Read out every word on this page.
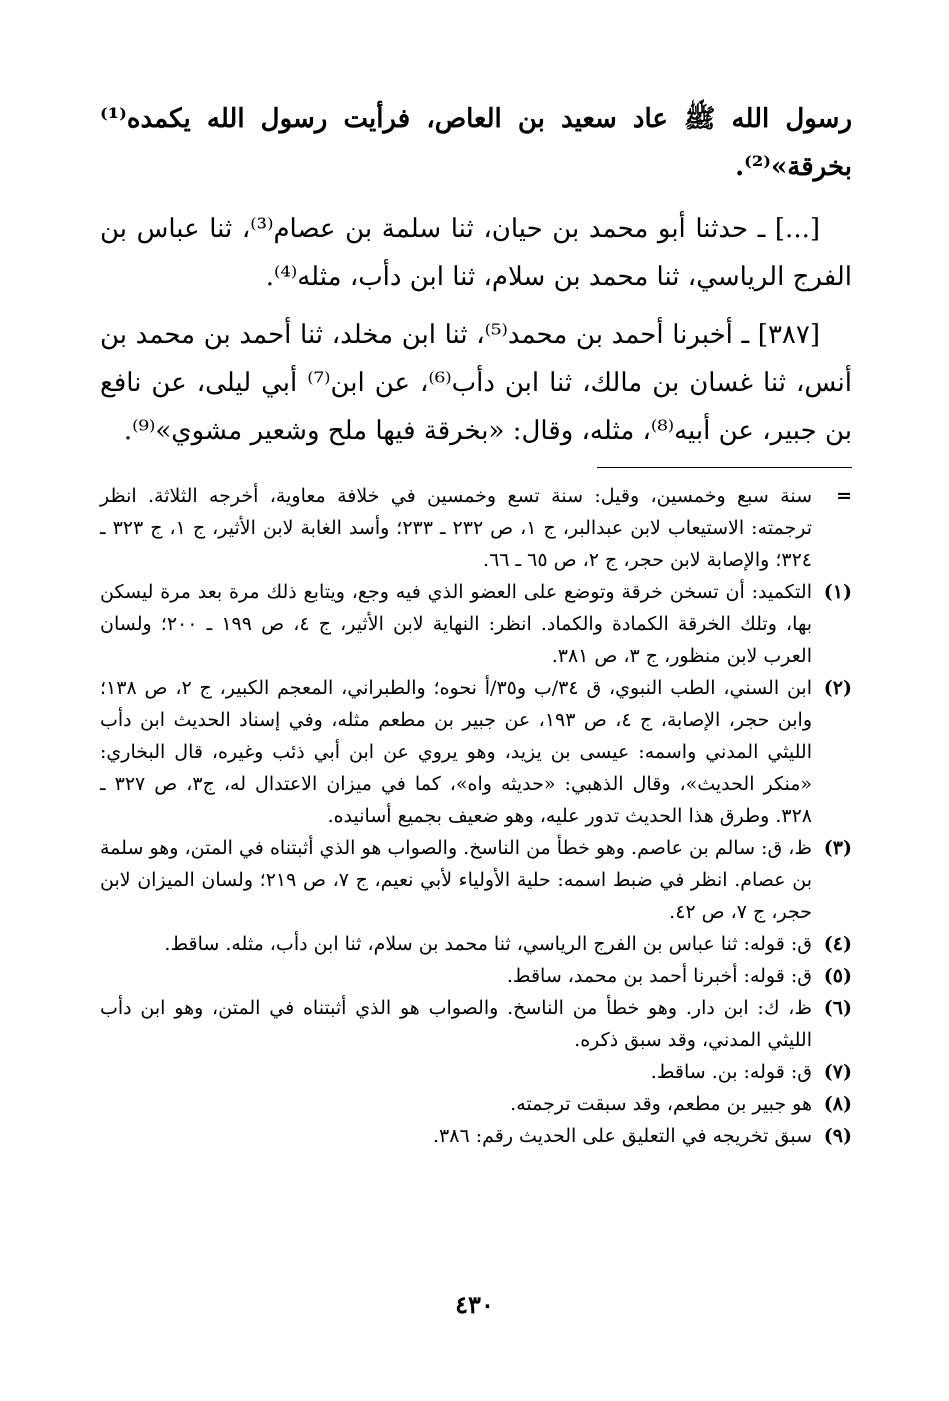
رسول الله ﷺ عاد سعيد بن العاص، فرأيت رسول الله يكمده⁽¹⁾ بخرقة»⁽²⁾.

[...] ـ حدثنا أبو محمد بن حيان، ثنا سلمة بن عصام⁽³⁾، ثنا عباس بن الفرج الرياسي، ثنا محمد بن سلام، ثنا ابن دأب، مثله⁽⁴⁾.

[٣٨٧] ـ أخبرنا أحمد بن محمد⁽⁵⁾، ثنا ابن مخلد، ثنا أحمد بن محمد بن أنس، ثنا غسان بن مالك، ثنا ابن دأب⁽⁶⁾، عن ابن⁽⁷⁾ أبي ليلى، عن نافع بن جبير، عن أبيه⁽⁸⁾، مثله، وقال: «بخرقة فيها ملح وشعير مشوي»⁽⁹⁾.

=
سنة سبع وخمسين، وقيل: سنة تسع وخمسين في خلافة معاوية، أخرجه الثلاثة. انظر ترجمته: الاستيعاب لابن عبدالبر، ج ١، ص ٢٣٢ ـ ٢٣٣؛ وأسد الغابة لابن الأثير، ج ١، ج ٣٢٣ ـ ٣٢٤؛ والإصابة لابن حجر، ج ٢، ص ٦٥ ـ ٦٦.
(١)
التكميد: أن تسخن خرقة وتوضع على العضو الذي فيه وجع، ويتابع ذلك مرة بعد مرة ليسكن بها، وتلك الخرقة الكمادة والكماد. انظر: النهاية لابن الأثير، ج ٤، ص ١٩٩ ـ ٢٠٠؛ ولسان العرب لابن منظور، ج ٣، ص ٣٨١.
(٢)
ابن السني، الطب النبوي، ق ٣٤/ب و٣٥/أ نحوه؛ والطبراني، المعجم الكبير، ج ٢، ص ١٣٨؛ وابن حجر، الإصابة، ج ٤، ص ١٩٣، عن جبير بن مطعم مثله، وفي إسناد الحديث ابن دأب الليثي المدني واسمه: عيسى بن يزيد، وهو يروي عن ابن أبي ذئب وغيره، قال البخاري: «منكر الحديث»، وقال الذهبي: «حديثه واه»، كما في ميزان الاعتدال له، ج٣، ص ٣٢٧ ـ ٣٢٨. وطرق هذا الحديث تدور عليه، وهو ضعيف بجميع أسانيده.
(٣)
ظ، ق: سالم بن عاصم. وهو خطأ من الناسخ. والصواب هو الذي أثبتناه في المتن، وهو سلمة بن عصام. انظر في ضبط اسمه: حلية الأولياء لأبي نعيم، ج ٧، ص ٢١٩؛ ولسان الميزان لابن حجر، ج ٧، ص ٤٢.
(٤)
ق: قوله: ثنا عباس بن الفرج الرياسي، ثنا محمد بن سلام، ثنا ابن دأب، مثله. ساقط.
(٥)
ق: قوله: أخبرنا أحمد بن محمد، ساقط.
(٦)
ظ، ك: ابن دار. وهو خطأ من الناسخ. والصواب هو الذي أثبتناه في المتن، وهو ابن دأب الليثي المدني، وقد سبق ذكره.
(٧)
ق: قوله: بن. ساقط.
(٨)
هو جبير بن مطعم، وقد سبقت ترجمته.
(٩)
سبق تخريجه في التعليق على الحديث رقم: ٣٨٦.
٤٣٠
